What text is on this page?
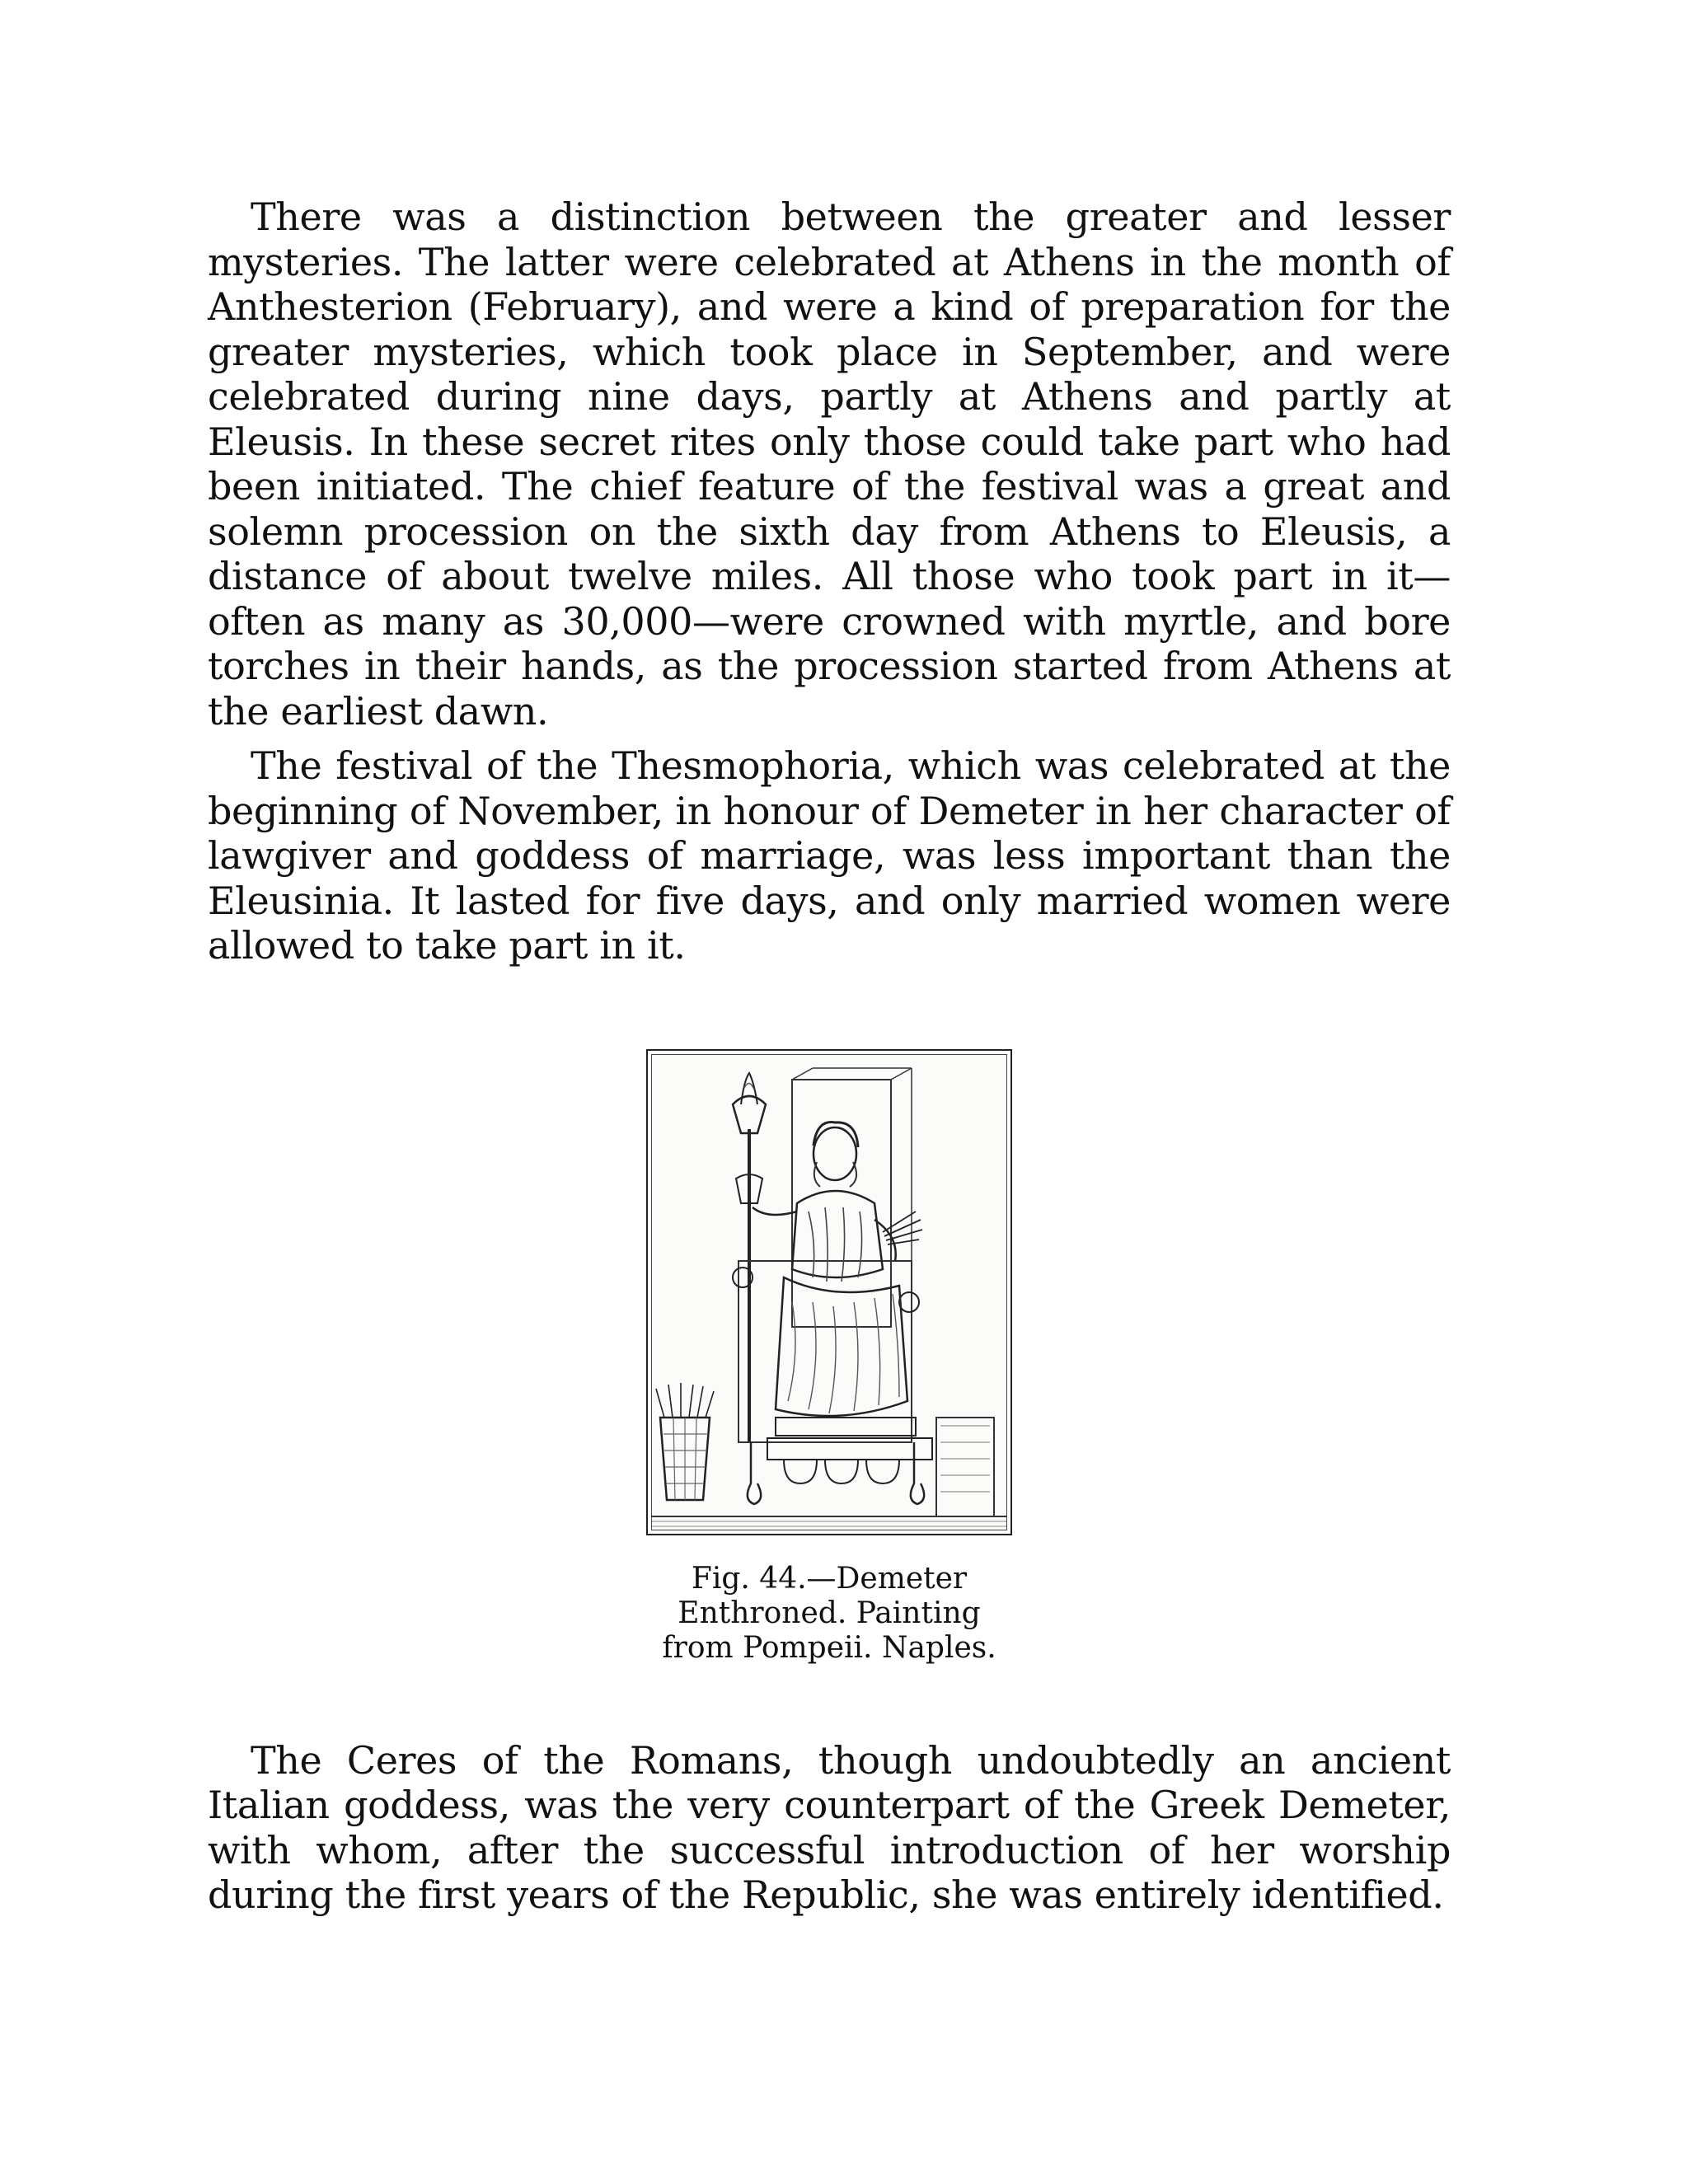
There was a distinction between the greater and lesser mysteries. The latter were celebrated at Athens in the month of Anthesterion (February), and were a kind of preparation for the greater mysteries, which took place in September, and were celebrated during nine days, partly at Athens and partly at Eleusis. In these secret rites only those could take part who had been initiated. The chief feature of the festival was a great and solemn procession on the sixth day from Athens to Eleusis, a distance of about twelve miles. All those who took part in it—often as many as 30,000—were crowned with myrtle, and bore torches in their hands, as the procession started from Athens at the earliest dawn.

The festival of the Thesmophoria, which was celebrated at the beginning of November, in honour of Demeter in her character of lawgiver and goddess of marriage, was less important than the Eleusinia. It lasted for five days, and only married women were allowed to take part in it.

Fig. 44.—Demeter
Enthroned. Painting
from Pompeii. Naples.

The Ceres of the Romans, though undoubtedly an ancient Italian goddess, was the very counterpart of the Greek Demeter, with whom, after the successful introduction of her worship during the first years of the Republic, she was entirely identified.
